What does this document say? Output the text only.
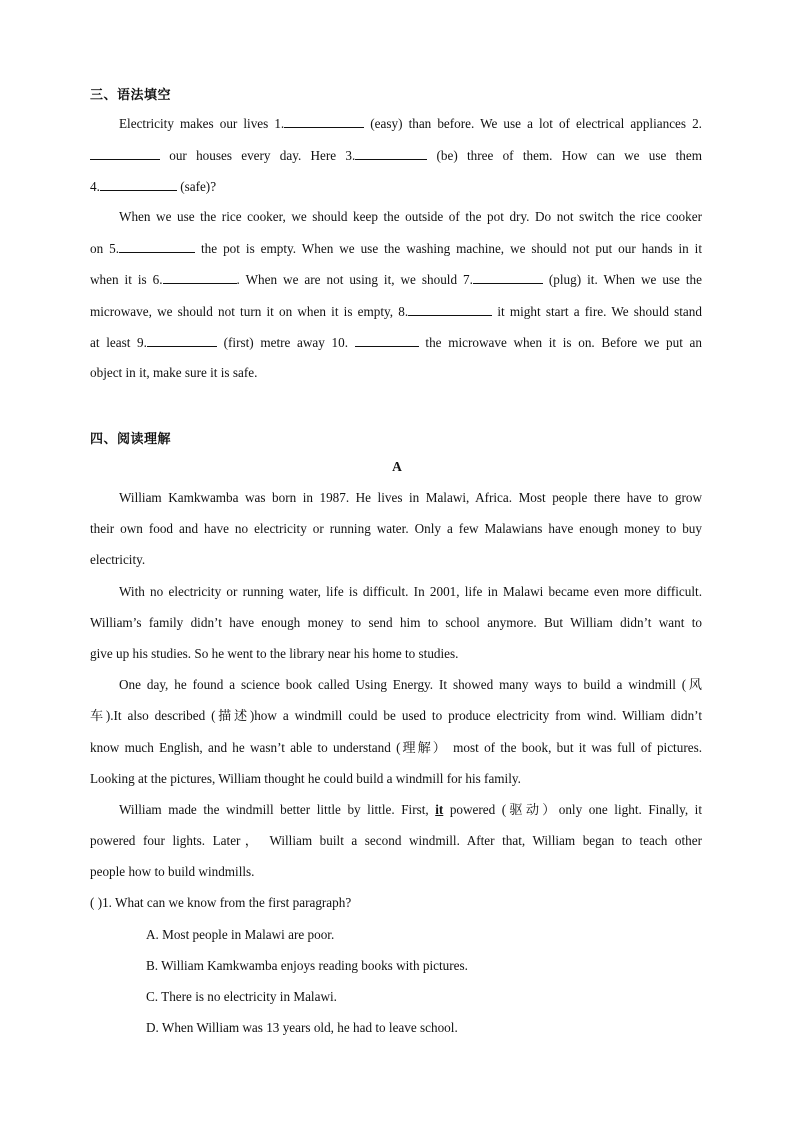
三、语法填空
Electricity makes our lives 1.	(easy) than before. We use a lot of electrical appliances 2.
our houses every day. Here 3.	(be) three of them. How can we use them
4.	(safe)?
When we use the rice cooker, we should keep the outside of the pot dry. Do not switch the rice cooker
on 5.	the pot is empty. When we use the washing machine, we should not put our hands in it
when it is 6.	. When we are not using it, we should 7.	(plug) it. When we use the
microwave, we should not turn it on when it is empty, 8.	it might start a fire. We should stand
at least 9.	(first) metre away 10.	the microwave when it is on. Before we put an
object in it, make sure it is safe.
四、阅读理解
A
William Kamkwamba was born in 1987. He lives in Malawi, Africa. Most people there have to grow
their own food and have no electricity or running water. Only a few Malawians have enough money to buy
electricity.
With no electricity or running water, life is difficult. In 2001, life in Malawi became even more difficult.
William’s family didn’t have enough money to send him to school anymore. But William didn’t want to
give up his studies. So he went to the library near his home to studies.
One day, he found a science book called Using Energy. It showed many ways to build a windmill (风
车).It also described (描述)how a windmill could be used to produce electricity from wind. William didn’t
know much English, and he wasn’t able to understand (理解） most of the book, but it was full of pictures.
Looking at the pictures, William thought he could build a windmill for his family.
William made the windmill better little by little. First, it powered (驱动）only one light. Finally, it
powered four lights. Later， William built a second windmill. After that, William began to teach other
people how to build windmills.
( )1. What can we know from the first paragraph?
A. Most people in Malawi are poor.
B. William Kamkwamba enjoys reading books with pictures.
C. There is no electricity in Malawi.
D. When William was 13 years old, he had to leave school.
